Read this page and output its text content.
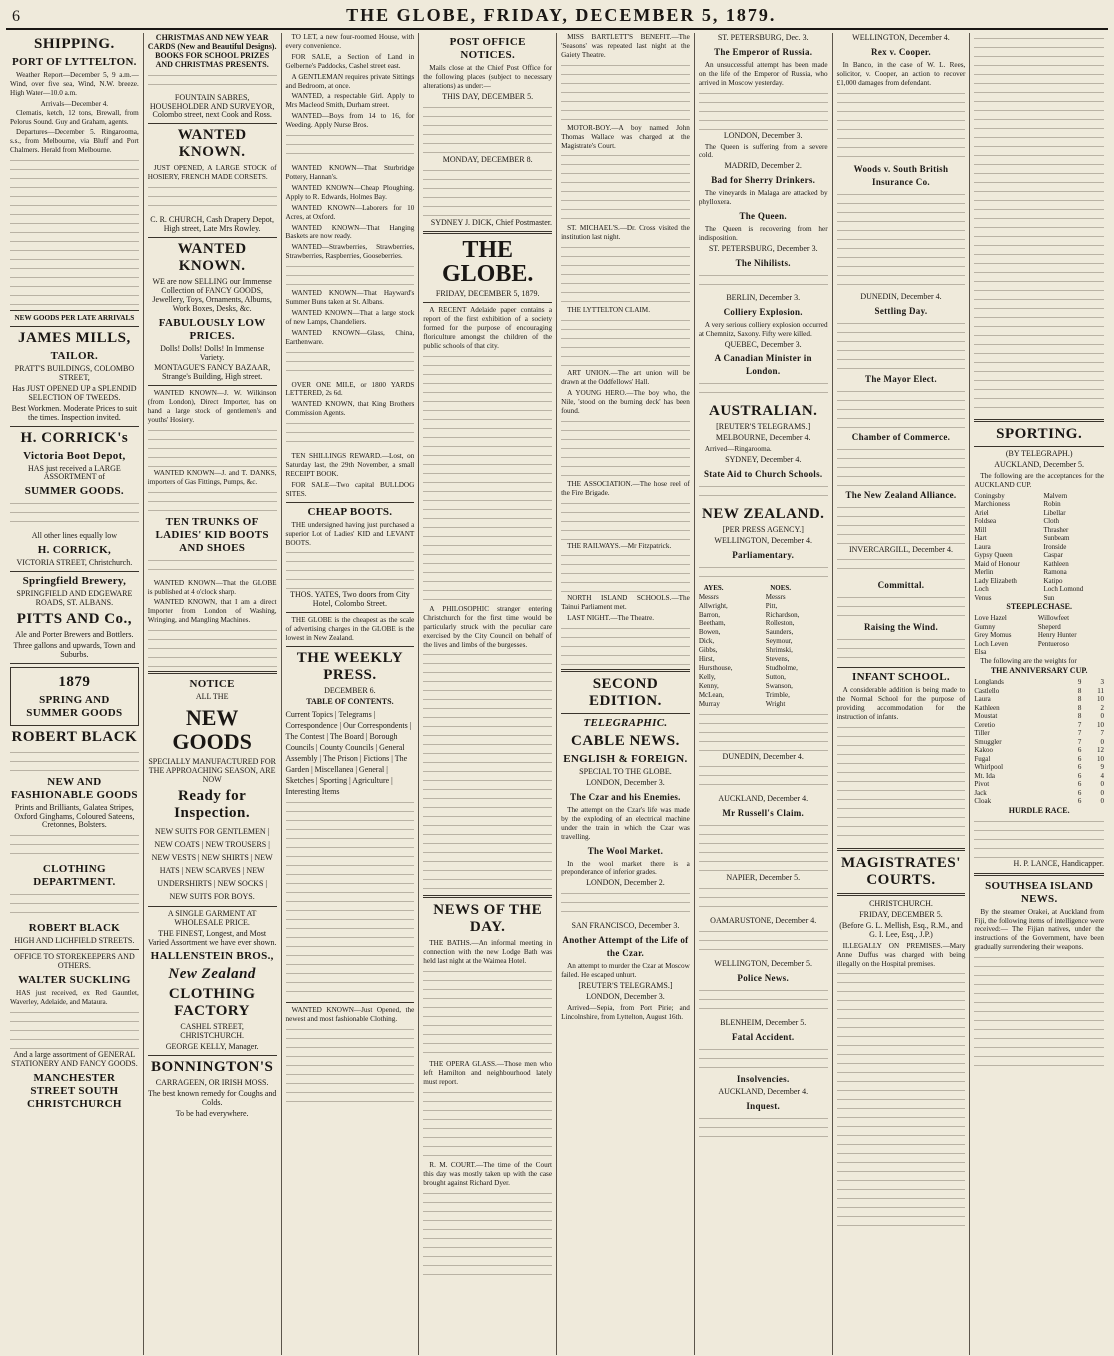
6	THE GLOBE, FRIDAY, DECEMBER 5, 1879.
SHIPPING.
PORT OF LYTTELTON.

Weather Report—December 5, 9 a.m.—Wind, over five sea, Wind, N.W. breeze. High Water—10.0 a.m.

Arrivals—December 4.

Clematis, ketch, 12 tons, Brewall, from Pelorus Sound. Guy and Graham, agents.

Departures—December 5. Ringarooma, s.s., from Melbourne, via Bluff and Port Chalmers. Herald from Melbourne.

NEW GOODS PER LATE ARRIVALS
JAMES MILLS,
TAILOR.
PRATT'S BUILDINGS, COLOMBO STREET,
Has JUST OPENED UP a SPLENDID SELECTION OF TWEEDS.
Best Workmen. Moderate Prices to suit the times. Inspection invited.
H. CORRICK's
Victoria Boot Depot,
HAS just received a LARGE ASSORTMENT of
SUMMER GOODS.
All other lines equally low
H. CORRICK,
VICTORIA STREET, Christchurch.
Springfield Brewery,
SPRINGFIELD AND EDGEWARE ROADS, ST. ALBANS.
PITTS AND Co.,
Ale and Porter Brewers and Bottlers.
Three gallons and upwards, Town and Suburbs.
1879
SPRING AND SUMMER GOODS
ROBERT BLACK
NEW AND FASHIONABLE GOODS
Prints and Brilliants, Galatea Stripes, Oxford Ginghams, Coloured Sateens, Cretonnes, Bolsters.
CLOTHING DEPARTMENT.
ROBERT BLACK
HIGH AND LICHFIELD STREETS.
OFFICE TO STOREKEEPERS AND OTHERS.
WALTER SUCKLING

HAS just received, ex Red Gauntlet, Waverley, Adelaide, and Mataura.

And a large assortment of GENERAL STATIONERY AND FANCY GOODS.
MANCHESTER STREET SOUTH CHRISTCHURCH
CHRISTMAS AND NEW YEAR CARDS (New and Beautiful Designs). BOOKS FOR SCHOOL PRIZES AND CHRISTMAS PRESENTS.
FOUNTAIN SABRES, HOUSEHOLDER AND SURVEYOR, Colombo street, next Cook and Ross.
WANTED KNOWN.

JUST OPENED, A LARGE STOCK of HOSIERY, FRENCH MADE CORSETS.

C. R. CHURCH, Cash Drapery Depot, High street, Late Mrs Rowley.
WANTED KNOWN.
WE are now SELLING our Immense Collection of FANCY GOODS, Jewellery, Toys, Ornaments, Albums, Work Boxes, Desks, &c.
FABULOUSLY LOW PRICES.
Dolls! Dolls! Dolls! In Immense Variety.
MONTAGUE'S FANCY BAZAAR, Strange's Building, High street.

WANTED KNOWN—J. W. Wilkinson (from London), Direct Importer, has on hand a large stock of gentlemen's and youths' Hosiery.

WANTED KNOWN—J. and T. DANKS, importers of Gas Fittings, Pumps, &c.

TEN TRUNKS OF LADIES' KID BOOTS AND SHOES

WANTED KNOWN—That the GLOBE is published at 4 o'clock sharp.

WANTED KNOWN, that I am a direct Importer from London of Washing, Wringing, and Mangling Machines.

NOTICE
ALL THE
NEW GOODS
SPECIALLY MANUFACTURED FOR THE APPROACHING SEASON, ARE NOW
Ready for Inspection.
NEW SUITS FOR GENTLEMEN | NEW COATS | NEW TROUSERS | NEW VESTS | NEW SHIRTS | NEW HATS | NEW SCARVES | NEW UNDERSHIRTS | NEW SOCKS | NEW SUITS FOR BOYS.
A SINGLE GARMENT AT WHOLESALE PRICE.
THE FINEST, Longest, and Most Varied Assortment we have ever shown.
HALLENSTEIN BROS.,
New Zealand
CLOTHING FACTORY
CASHEL STREET, CHRISTCHURCH.
GEORGE KELLY, Manager.
BONNINGTON'S
CARRAGEEN, OR IRISH MOSS.
The best known remedy for Coughs and Colds.
To be had everywhere.

TO LET, a new four-roomed House, with every convenience.

FOR SALE, a Section of Land in Gelberne's Paddocks, Cashel street east.

A GENTLEMAN requires private Sittings and Bedroom, at once.

WANTED, a respectable Girl. Apply to Mrs Macleod Smith, Durham street.

WANTED—Boys from 14 to 16, for Weeding. Apply Nurse Bros.

WANTED KNOWN—That Sturbridge Pottery, Hannan's.

WANTED KNOWN—Cheap Ploughing. Apply to R. Edwards, Holmes Bay.

WANTED KNOWN—Laborers for 10 Acres, at Oxford.

WANTED KNOWN—That Hanging Baskets are now ready.

WANTED—Strawberries, Strawberries, Strawberries, Raspberries, Gooseberries.

WANTED KNOWN—That Hayward's Summer Buns taken at St. Albans.

WANTED KNOWN—That a large stock of new Lamps, Chandeliers.

WANTED KNOWN—Glass, China, Earthenware.

OVER ONE MILE, or 1800 YARDS LETTERED, 2s 6d.

WANTED KNOWN, that King Brothers Commission Agents.

TEN SHILLINGS REWARD.—Lost, on Saturday last, the 29th November, a small RECEIPT BOOK.

FOR SALE—Two capital BULLDOG SITES.

CHEAP BOOTS.

THE undersigned having just purchased a superior Lot of Ladies' KID and LEVANT BOOTS.

THOS. YATES, Two doors from City Hotel, Colombo Street.

THE GLOBE is the cheapest as the scale of advertising charges in the GLOBE is the lowest in New Zealand.

THE WEEKLY PRESS.
DECEMBER 6.
TABLE OF CONTENTS.
Current Topics | Telegrams | Correspondence | Our Correspondents | The Contest | The Board | Borough Councils | County Councils | General Assembly | The Prison | Fictions | The Garden | Miscellanea | General | Sketches | Sporting | Agriculture | Interesting Items

WANTED KNOWN—Just Opened, the newest and most fashionable Clothing.

POST OFFICE NOTICES.

Mails close at the Chief Post Office for the following places (subject to necessary alterations) as under:—

THIS DAY, DECEMBER 5.
MONDAY, DECEMBER 8.
SYDNEY J. DICK, Chief Postmaster.
THE GLOBE.
FRIDAY, DECEMBER 5, 1879.

A RECENT Adelaide paper contains a report of the first exhibition of a society formed for the purpose of encouraging floriculture amongst the children of the public schools of that city.

A PHILOSOPHIC stranger entering Christchurch for the first time would be particularly struck with the peculiar care exercised by the City Council on behalf of the lives and limbs of the burgesses.

NEWS OF THE DAY.

THE BATHS.—An informal meeting in connection with the new Lodge Bath was held last night at the Waimea Hotel.

THE OPERA GLASS.—Those men who left Hamilton and neighbourhood lately must report.

R. M. COURT.—The time of the Court this day was mostly taken up with the case brought against Richard Dyer.

MISS BARTLETT'S BENEFIT.—The 'Seasons' was repeated last night at the Gaiety Theatre.

MOTOR-BOY.—A boy named John Thomas Wallace was charged at the Magistrate's Court.

ST. MICHAEL'S.—Dr. Cross visited the institution last night.

THE LYTTELTON CLAIM.

ART UNION.—The art union will be drawn at the Oddfellows' Hall.

A YOUNG HERO.—The boy who, the Nile, 'stood on the burning deck' has been found.

THE ASSOCIATION.—The hose reel of the Fire Brigade.

THE RAILWAYS.—Mr Fitzpatrick.

NORTH ISLAND SCHOOLS.—The Tainui Parliament met.

LAST NIGHT.—The Theatre.

SECOND EDITION.
TELEGRAPHIC.
CABLE NEWS.
ENGLISH & FOREIGN.
SPECIAL TO THE GLOBE.
LONDON, December 3.
The Czar and his Enemies.

The attempt on the Czar's life was made by the exploding of an electrical machine under the train in which the Czar was travelling.

The Wool Market.

In the wool market there is a preponderance of inferior grades.

LONDON, December 2.
SAN FRANCISCO, December 3.
Another Attempt of the Life of the Czar.

An attempt to murder the Czar at Moscow failed. He escaped unhurt.

[REUTER'S TELEGRAMS.]
LONDON, December 3.

Arrived—Sepia, from Port Pirie; and Lincolnshire, from Lyttelton, August 16th.

ST. PETERSBURG, Dec. 3.
The Emperor of Russia.

An unsuccessful attempt has been made on the life of the Emperor of Russia, who arrived in Moscow yesterday.

LONDON, December 3.

The Queen is suffering from a severe cold.

MADRID, December 2.
Bad for Sherry Drinkers.

The vineyards in Malaga are attacked by phylloxera.

The Queen.

The Queen is recovering from her indisposition.

ST. PETERSBURG, December 3.
The Nihilists.
BERLIN, December 3.
Colliery Explosion.

A very serious colliery explosion occurred at Chemnitz, Saxony. Fifty were killed.

QUEBEC, December 3.
A Canadian Minister in London.
AUSTRALIAN.
[REUTER'S TELEGRAMS.]
MELBOURNE, December 4.

Arrived—Ringarooma.

SYDNEY, December 4.
State Aid to Church Schools.
NEW ZEALAND.
[PER PRESS AGENCY.]
WELLINGTON, December 4.
Parliamentary.
AYES.
Messrs Allwright, Barron, Beetham, Bowen, Dick, Gibbs, Hirst, Hursthouse, Kelly, Kenny, McLean, Murray
NOES.
Messrs Pitt, Richardson, Rolleston, Saunders, Seymour, Shrimski, Stevens, Studholme, Sutton, Swanson, Trimble, Wright
DUNEDIN, December 4.
AUCKLAND, December 4.
Mr Russell's Claim.
NAPIER, December 5.
OAMARUSTONE, December 4.
WELLINGTON, December 5.
Police News.
BLENHEIM, December 5.
Fatal Accident.
Insolvencies.
AUCKLAND, December 4.
Inquest.
WELLINGTON, December 4.
Rex v. Cooper.

In Banco, in the case of W. L. Rees, solicitor, v. Cooper, an action to recover £1,000 damages from defendant.

Woods v. South British Insurance Co.
DUNEDIN, December 4.
Settling Day.
The Mayor Elect.
Chamber of Commerce.
The New Zealand Alliance.
INVERCARGILL, December 4.
Committal.
Raising the Wind.
INFANT SCHOOL.

A considerable addition is being made to the Normal School for the purpose of providing accommodation for the instruction of infants.

MAGISTRATES' COURTS.
CHRISTCHURCH.
FRIDAY, DECEMBER 5.
(Before G. L. Mellish, Esq., R.M., and G. I. Lee, Esq., J.P.)

ILLEGALLY ON PREMISES.—Mary Anne Duffus was charged with being illegally on the Hospital premises.

SPORTING.
(BY TELEGRAPH.)
AUCKLAND, December 5.

The following are the acceptances for the AUCKLAND CUP.

Coningsby	Malvern
Marchioness	Robin
Ariel	Libellar
Foldsea	Cloth
Mill	Thrasher
Hart	Sunbeam
Laura	Ironside
Gypsy Queen	Caspar
Maid of Honour	Kathleen
Merlin	Ramona
Lady Elizabeth	Katipo
Loch	Loch Lomond
Venus	Sun
STEEPLECHASE.
Love Hazel	Willowfeet
Gumny	Sheperd
Grey Momus	Henry Hunter
Loch Leven	Pentueroso
Elsa	

The following are the weights for

THE ANNIVERSARY CUP.
Longlands	9	3
Castlello	8	11
Laura	8	10
Kathleen	8	2
Moustat	8	0
Ceretio	7	10
Tiller	7	7
Smuggler	7	0
Kakoo	6	12
Fugal	6	10
Whirlpool	6	9
Mt. Ida	6	4
Pivot	6	0
Jack	6	0
Cloak	6	0
HURDLE RACE.
H. P. LANCE, Handicapper.
SOUTHSEA ISLAND NEWS.

By the steamer Orakei, at Auckland from Fiji, the following items of intelligence were received:— The Fijian natives, under the instructions of the Government, have been gradually surrendering their weapons.
